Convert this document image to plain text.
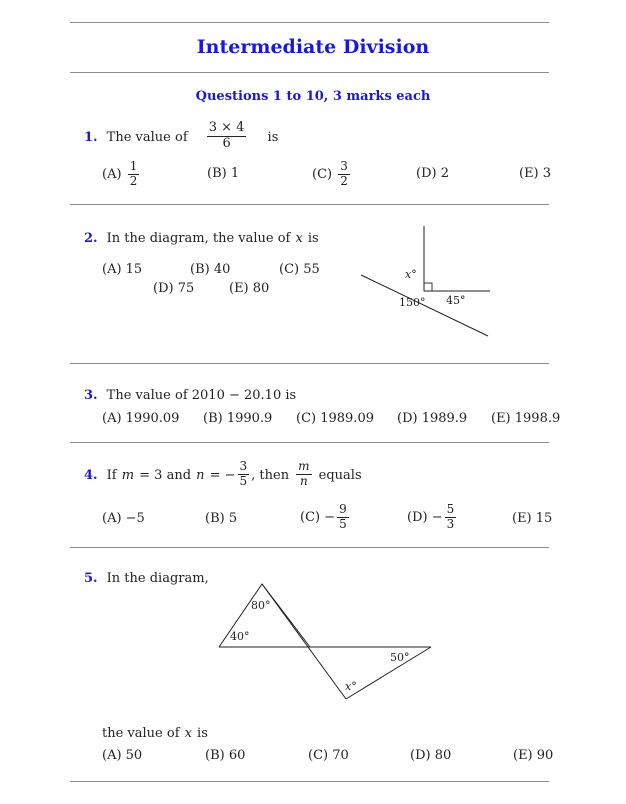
Intermediate Division
Questions 1 to 10, 3 marks each
1. The value of $\frac{3 \times 4}{6}$ is
$(A) \frac{1}{2}$	(B) 1	$(C) \frac{3}{2}$	(D) 2	(E) 3
2. In the diagram, the value of x is
(A) 15	(B) 40	(C) 55
(D) 75	(E) 80
x°
150° 45°
80°
40°
50°
x°
3. The value of 2010 − 20.10 is
(A) 1990.09 (B) 1990.9 (C) 1989.09 (D) 1989.9 (E) 1998.9
4. If m = 3 and n = − $\frac{3}{5}$ , then $\frac{m}{n}$ equals
(A) −5	(B) 5	$(C) - \frac{9}{5}$	$(D) - \frac{5}{3}$	(E) 15
5. In the diagram,
the value of x is
(A) 50	(B) 60	(C) 70	(D) 80	(E) 90
